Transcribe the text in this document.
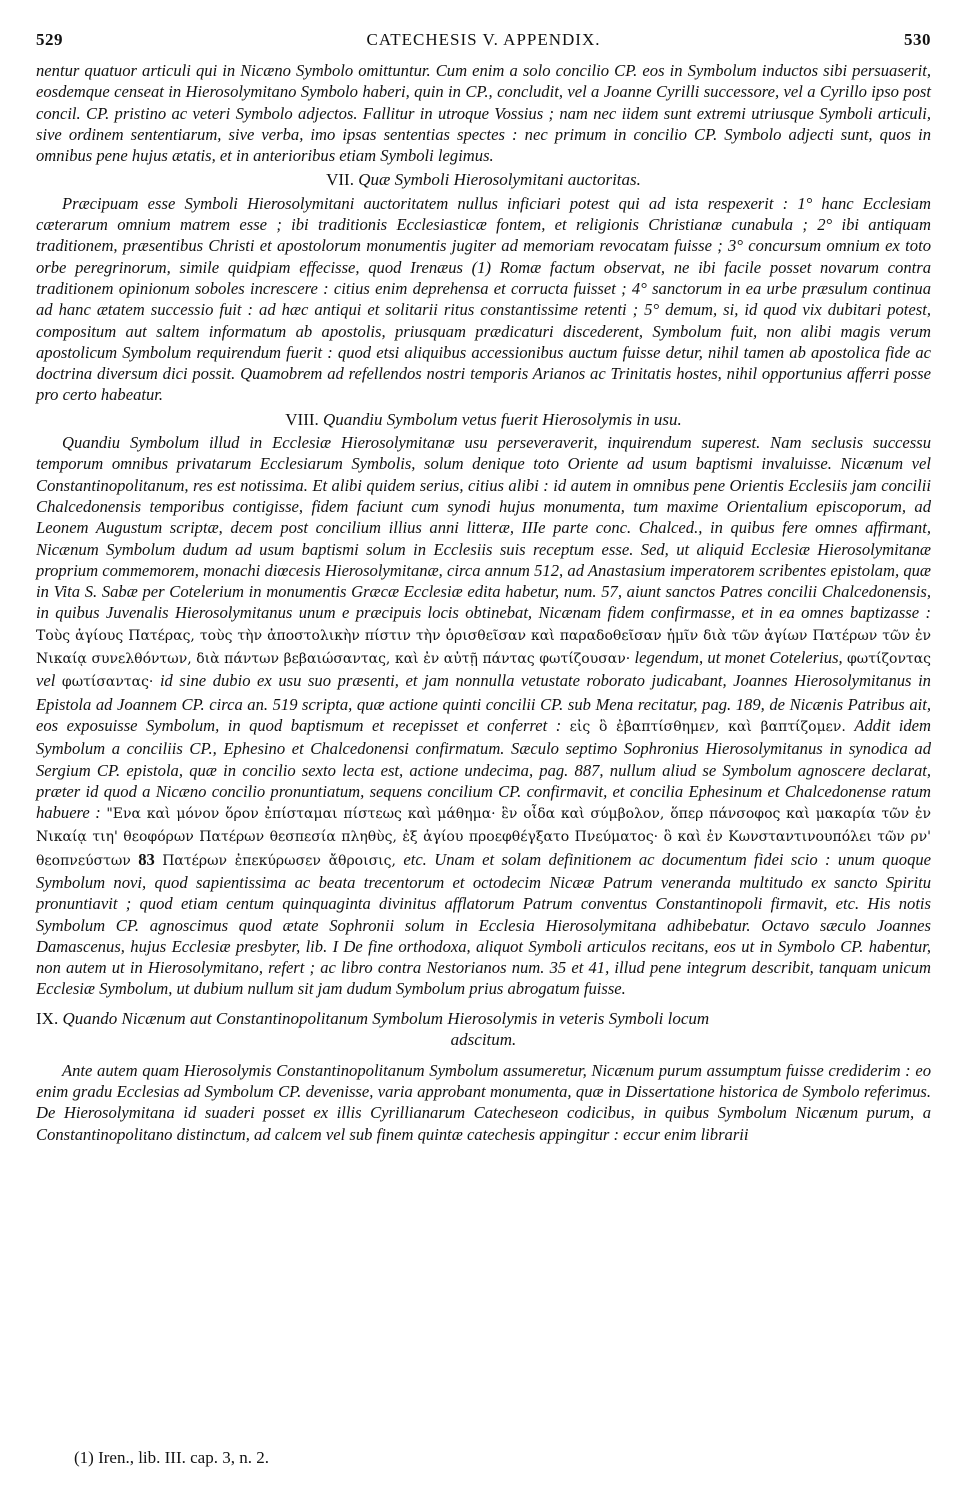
529	CATECHESIS V. APPENDIX.	530

nentur quatuor articuli qui in Nicæno Symbolo omittuntur. Cum enim a solo concilio CP. eos in Symbolum inductos sibi persuaserit, eosdemque censeat in Hierosolymitano Symbolo haberi, quin in CP., concludit, vel a Joanne Cyrilli successore, vel a Cyrillo ipso post concil. CP. pristino ac veteri Symbolo adjectos. Fallitur in utroque Vossius ; nam nec iidem sunt extremi utriusque Symboli articuli, sive ordinem sententiarum, sive verba, imo ipsas sententias spectes : nec primum in concilio CP. Symbolo adjecti sunt, quos in omnibus pene hujus ætatis, et in anterioribus etiam Symboli legimus.

VII. Quæ Symboli Hierosolymitani auctoritas.

Præcipuam esse Symboli Hierosolymitani auctoritatem nullus inficiari potest qui ad ista respexerit : 1° hanc Ecclesiam cæterarum omnium matrem esse ; ibi traditionis Ecclesiasticæ fontem, et religionis Christianæ cunabula ; 2° ibi antiquam traditionem, præsentibus Christi et apostolorum monumentis jugiter ad memoriam revocatam fuisse ; 3° concursum omnium ex toto orbe peregrinorum, simile quidpiam effecisse, quod Irenæus (1) Romæ factum observat, ne ibi facile posset novarum contra traditionem opinionum soboles increscere : citius enim deprehensa et corructa fuisset ; 4° sanctorum in ea urbe præsulum continua ad hanc ætatem successio fuit : ad hæc antiqui et solitarii ritus constantissime retenti ; 5° demum, si, id quod vix dubitari potest, compositum aut saltem informatum ab apostolis, priusquam prædicaturi discederent, Symbolum fuit, non alibi magis verum apostolicum Symbolum requirendum fuerit : quod etsi aliquibus accessionibus auctum fuisse detur, nihil tamen ab apostolica fide ac doctrina diversum dici possit. Quamobrem ad refellendos nostri temporis Arianos ac Trinitatis hostes, nihil opportunius afferri posse pro certo habeatur.

VIII. Quandiu Symbolum vetus fuerit Hierosolymis in usu.

Quandiu Symbolum illud in Ecclesiæ Hierosolymitanæ usu perseveraverit, inquirendum superest. Nam seclusis successu temporum omnibus privatarum Ecclesiarum Symbolis, solum denique toto Oriente ad usum baptismi invaluisse. Nicænum vel Constantinopolitanum, res est notissima. Et alibi quidem serius, citius alibi : id autem in omnibus pene Orientis Ecclesiis jam concilii Chalcedonensis temporibus contigisse, fidem faciunt cum synodi hujus monumenta, tum maxime Orientalium episcoporum, ad Leonem Augustum scriptæ, decem post concilium illius anni litteræ, IIIe parte conc. Chalced., in quibus fere omnes affirmant, Nicænum Symbolum dudum ad usum baptismi solum in Ecclesiis suis receptum esse. Sed, ut aliquid Ecclesiæ Hierosolymitanæ proprium commemorem, monachi diœcesis Hierosolymitanæ, circa annum 512, ad Anastasium imperatorem scribentes epistolam, quæ in Vita S. Sabæ per Cotelerium in monumentis Græcæ Ecclesiæ edita habetur, num. 57, aiunt sanctos Patres concilii Chalcedonensis, in quibus Juvenalis Hierosolymitanus unum e præcipuis locis obtinebat, Nicænam fidem confirmasse, et in ea omnes baptizasse : Τοὺς ἁγίους Πατέρας, τοὺς τὴν ἀποστολικὴν πίστιν τὴν ὁρισθεῖσαν καὶ παραδοθεῖσαν ἡμῖν διὰ τῶν ἁγίων Πατέρων τῶν ἐν Νικαίᾳ συνελθόντων, διὰ πάντων βεβαιώσαντας, καὶ ἐν αὐτῇ πάντας φωτίζουσαν· legendum, ut monet Cotelerius, φωτίζοντας vel φωτίσαντας· id sine dubio ex usu suo præsenti, et jam nonnulla vetustate roborato judicabant, Joannes Hierosolymitanus in Epistola ad Joannem CP. circa an. 519 scripta, quæ actione quinti concilii CP. sub Mena recitatur, pag. 189, de Nicænis Patribus ait, eos exposuisse Symbolum, in quod baptismum et recepisset et conferret : εἰς ὃ ἐβαπτίσθημεν, καὶ βαπτίζομεν. Addit idem Symbolum a conciliis CP., Ephesino et Chalcedonensi confirmatum. Sæculo septimo Sophronius Hierosolymitanus in synodica ad Sergium CP. epistola, quæ in concilio sexto lecta est, actione undecima, pag. 887, nullum aliud se Symbolum agnoscere declarat, præter id quod a Nicæno concilio pronuntiatum, sequens concilium CP. confirmavit, et concilia Ephesinum et Chalcedonense ratum habuere : "Ενα καὶ μόνον ὅρον ἐπίσταμαι πίστεως καὶ μάθημα· ἓν οἶδα καὶ σύμβολον, ὅπερ πάνσοφος καὶ μακαρία τῶν ἐν Νικαίᾳ τιη' θεοφόρων Πατέρων θεσπεσία πληθὺς, ἐξ ἁγίου προεφθέγξατο Πνεύματος· ὃ καὶ ἐν Κωνσταντινουπόλει τῶν ρν' θεοπνεύστων 83 Πατέρων ἐπεκύρωσεν ἄθροισις, etc. Unam et solam definitionem ac documentum fidei scio : unum quoque Symbolum novi, quod sapientissima ac beata trecentorum et octodecim Nicææ Patrum veneranda multitudo ex sancto Spiritu pronuntiavit ; quod etiam centum quinquaginta divinitus afflatorum Patrum conventus Constantinopoli firmavit, etc. His notis Symbolum CP. agnoscimus quod ætate Sophronii solum in Ecclesia Hierosolymitana adhibebatur. Octavo sæculo Joannes Damascenus, hujus Ecclesiæ presbyter, lib. I De fine orthodoxa, aliquot Symboli articulos recitans, eos ut in Symbolo CP. habentur, non autem ut in Hierosolymitano, refert ; ac libro contra Nestorianos num. 35 et 41, illud pene integrum describit, tanquam unicum Ecclesiæ Symbolum, ut dubium nullum sit jam dudum Symbolum prius abrogatum fuisse.

IX. Quando Nicænum aut Constantinopolitanum Symbolum Hierosolymis in veteris Symboli locum
adscitum.

Ante autem quam Hierosolymis Constantinopolitanum Symbolum assumeretur, Nicænum purum assumptum fuisse crediderim : eo enim gradu Ecclesias ad Symbolum CP. devenisse, varia approbant monumenta, quæ in Dissertatione historica de Symbolo referimus. De Hierosolymitana id suaderi posset ex illis Cyrillianarum Catecheseon codicibus, in quibus Symbolum Nicænum purum, a Constantinopolitano distinctum, ad calcem vel sub finem quintæ catechesis appingitur : eccur enim librarii

(1) Iren., lib. III. cap. 3, n. 2.
